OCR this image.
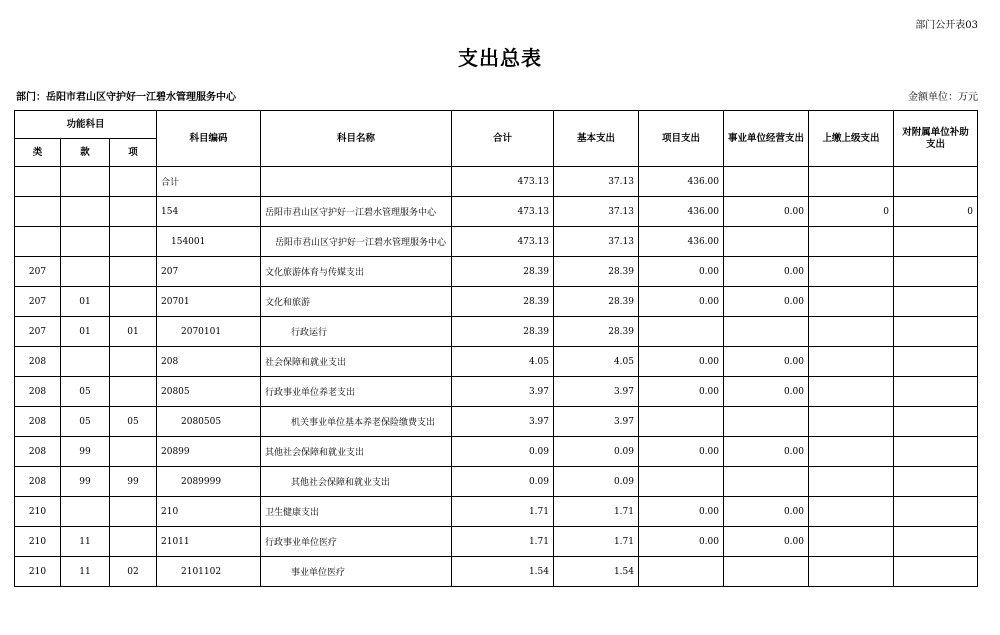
部门公开表03
支出总表
部门：岳阳市君山区守护好一江碧水管理服务中心	金额单位：万元
功能科目			科目编码	科目名称	合计	基本支出	项目支出	事业单位经营支出	上缴上级支出	对附属单位补助支出
类	款	项								
			合计		473.13	37.13	436.00			
			154	岳阳市君山区守护好一江碧水管理服务中心	473.13	37.13	436.00	0.00	0	0
			154001	岳阳市君山区守护好一江碧水管理服务中心	473.13	37.13	436.00			
207			207	文化旅游体育与传媒支出	28.39	28.39	0.00	0.00		
207	01		20701	文化和旅游	28.39	28.39	0.00	0.00		
207	01	01	2070101	行政运行	28.39	28.39				
208			208	社会保障和就业支出	4.05	4.05	0.00	0.00		
208	05		20805	行政事业单位养老支出	3.97	3.97	0.00	0.00		
208	05	05	2080505	机关事业单位基本养老保险缴费支出	3.97	3.97				
208	99		20899	其他社会保障和就业支出	0.09	0.09	0.00	0.00		
208	99	99	2089999	其他社会保障和就业支出	0.09	0.09				
210			210	卫生健康支出	1.71	1.71	0.00	0.00		
210	11		21011	行政事业单位医疗	1.71	1.71	0.00	0.00		
210	11	02	2101102	事业单位医疗	1.54	1.54				
